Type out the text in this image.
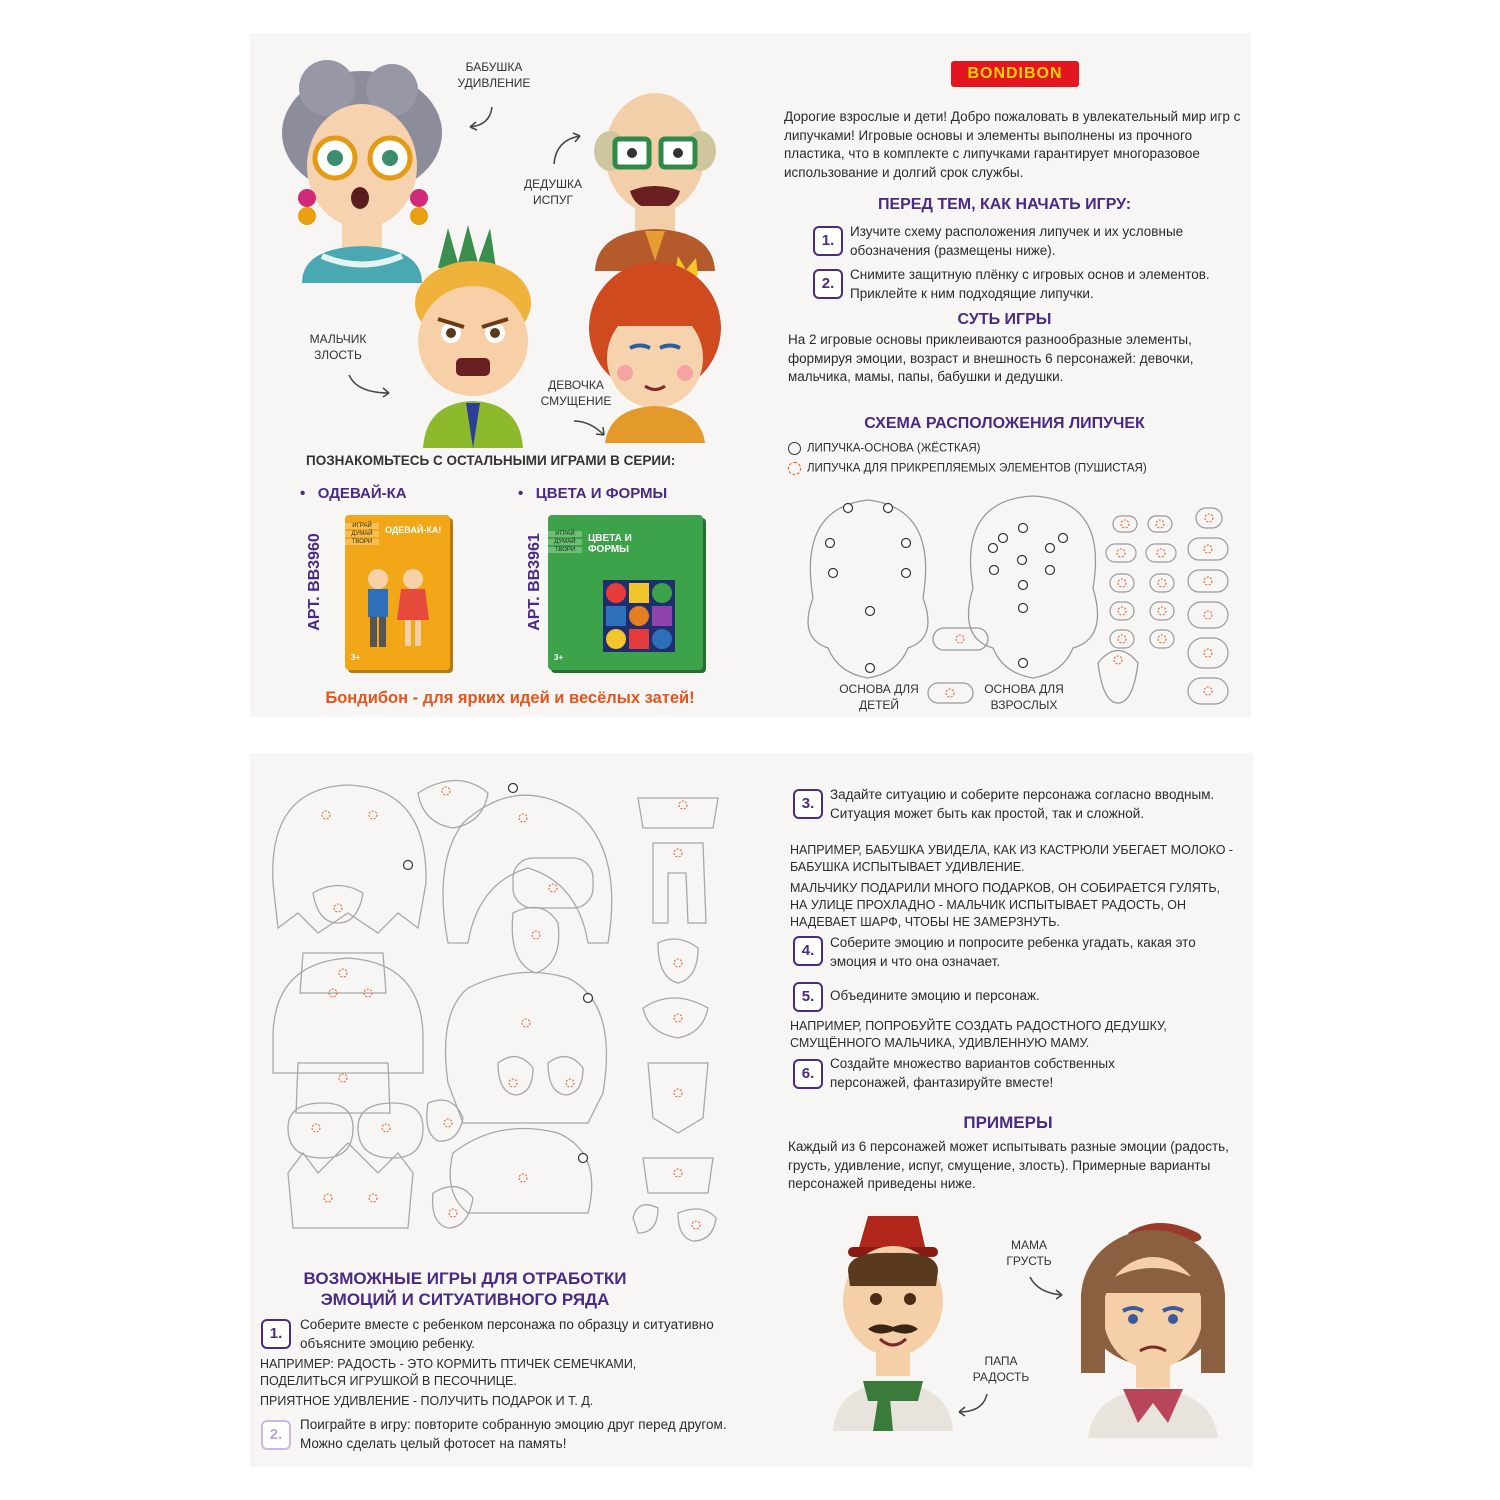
БАБУШКА УДИВЛЕНИЕ
ДЕДУШКА ИСПУГ
МАЛЬЧИК ЗЛОСТЬ
ДЕВОЧКА СМУЩЕНИЕ
ПОЗНАКОМЬТЕСЬ С ОСТАЛЬНЫМИ ИГРАМИ В СЕРИИ:
• ОДЕВАЙ-КА
АРТ. ВВ3960
ИГРАЙ
ДУМАЙ
ТВОРИ
ОДЕВАЙ-КА!
3+
• ЦВЕТА И ФОРМЫ
АРТ. ВВ3961	ИГРАЙ
ДУМАЙ
ТВОРИ
ЦВЕТА И ФОРМЫ
3+
Бондибон - для ярких идей и весёлых затей!
BONDIBON
Дорогие взрослые и дети! Добро пожаловать в увлекательный мир игр с липучками! Игровые основы и элементы выполнены из прочного пластика, что в комплекте с липучками гарантирует многоразовое использование и долгий срок службы.
ПЕРЕД ТЕМ, КАК НАЧАТЬ ИГРУ:
1.
Изучите схему расположения липучек и их условные обозначения (размещены ниже).
2.
Снимите защитную плёнку с игровых основ и элементов. Приклейте к ним подходящие липучки.
СУТЬ ИГРЫ
На 2 игровые основы приклеиваются разнообразные элементы, формируя эмоции, возраст и внешность 6 персонажей: девочки, мальчика, мамы, папы, бабушки и дедушки.
СХЕМА РАСПОЛОЖЕНИЯ ЛИПУЧЕК
ЛИПУЧКА-ОСНОВА (ЖЁСТКАЯ)
ЛИПУЧКА ДЛЯ ПРИКРЕПЛЯЕМЫХ ЭЛЕМЕНТОВ (ПУШИСТАЯ)
ОСНОВА ДЛЯ ДЕТЕЙ
ОСНОВА ДЛЯ ВЗРОСЛЫХ
ВОЗМОЖНЫЕ ИГРЫ ДЛЯ ОТРАБОТКИ ЭМОЦИЙ И СИТУАТИВНОГО РЯДА
1.
Соберите вместе с ребенком персонажа по образцу и ситуативно объясните эмоцию ребенку.
НАПРИМЕР: РАДОСТЬ - ЭТО КОРМИТЬ ПТИЧЕК СЕМЕЧКАМИ, ПОДЕЛИТЬСЯ ИГРУШКОЙ В ПЕСОЧНИЦЕ.
ПРИЯТНОЕ УДИВЛЕНИЕ - ПОЛУЧИТЬ ПОДАРОК И Т. Д.
2.
Поиграйте в игру: повторите собранную эмоцию друг перед другом. Можно сделать целый фотосет на память!
3.
Задайте ситуацию и соберите персонажа согласно вводным. Ситуация может быть как простой, так и сложной.
НАПРИМЕР, БАБУШКА УВИДЕЛА, КАК ИЗ КАСТРЮЛИ УБЕГАЕТ МОЛОКО - БАБУШКА ИСПЫТЫВАЕТ УДИВЛЕНИЕ.
МАЛЬЧИКУ ПОДАРИЛИ МНОГО ПОДАРКОВ, ОН СОБИРАЕТСЯ ГУЛЯТЬ, НА УЛИЦЕ ПРОХЛАДНО - МАЛЬЧИК ИСПЫТЫВАЕТ РАДОСТЬ, ОН НАДЕВАЕТ ШАРФ, ЧТОБЫ НЕ ЗАМЕРЗНУТЬ.
4.	Соберите эмоцию и попросите ребенка угадать, какая это эмоция и что она означает.
5.	Объедините эмоцию и персонаж.
НАПРИМЕР, ПОПРОБУЙТЕ СОЗДАТЬ РАДОСТНОГО ДЕДУШКУ, СМУЩЁННОГО МАЛЬЧИКА, УДИВЛЕННУЮ МАМУ.
6.
Создайте множество вариантов собственных персонажей, фантазируйте вместе!
ПРИМЕРЫ
Каждый из 6 персонажей может испытывать разные эмоции (радость, грусть, удивление, испуг, смущение, злость). Примерные варианты персонажей приведены ниже.
ПАПА РАДОСТЬ
МАМА ГРУСТЬ
